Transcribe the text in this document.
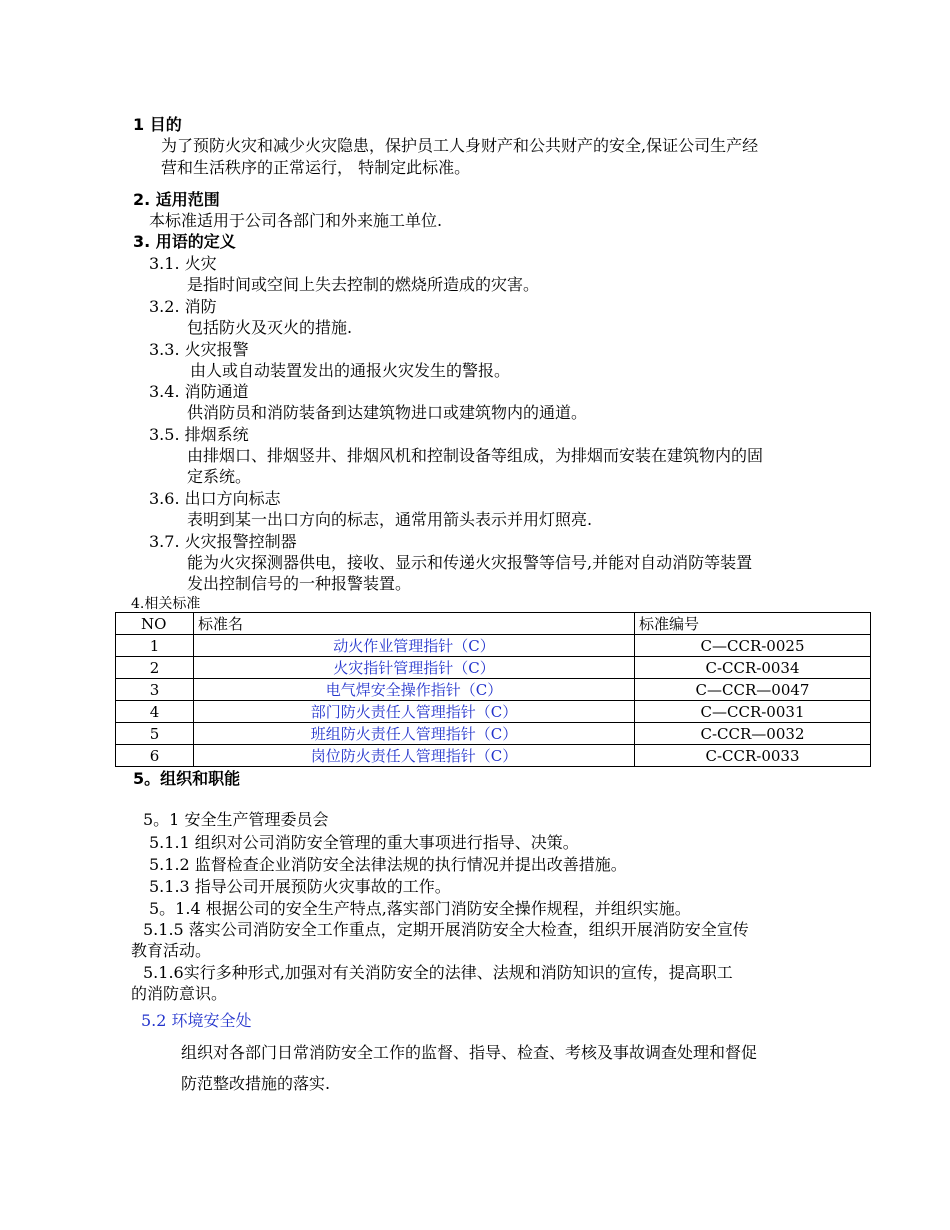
1 目的
为了预防火灾和减少火灾隐患，保护员工人身财产和公共财产的安全,保证公司生产经
营和生活秩序的正常运行， 特制定此标准。
2. 适用范围
本标准适用于公司各部门和外来施工单位.
3. 用语的定义
3.1. 火灾
是指时间或空间上失去控制的燃烧所造成的灾害。
3.2. 消防
包括防火及灭火的措施.
3.3. 火灾报警
由人或自动装置发出的通报火灾发生的警报。
3.4. 消防通道
供消防员和消防装备到达建筑物进口或建筑物内的通道。
3.5. 排烟系统
由排烟口、排烟竖井、排烟风机和控制设备等组成，为排烟而安装在建筑物内的固
定系统。
3.6. 出口方向标志
表明到某一出口方向的标志，通常用箭头表示并用灯照亮.
3.7. 火灾报警控制器
能为火灾探测器供电，接收、显示和传递火灾报警等信号,并能对自动消防等装置
发出控制信号的一种报警装置。
4.相关标准
NO	标准名	标准编号
1	动火作业管理指针（C）	C—CCR-0025
2	火灾指针管理指针（C）	C-CCR-0034
3	电气焊安全操作指针（C）	C—CCR—0047
4	部门防火责任人管理指针（C）	C—CCR-0031
5	班组防火责任人管理指针（C）	C-CCR—0032
6	岗位防火责任人管理指针（C）	C-CCR-0033
5。组织和职能
5。1 安全生产管理委员会
5.1.1 组织对公司消防安全管理的重大事项进行指导、决策。
5.1.2 监督检查企业消防安全法律法规的执行情况并提出改善措施。
5.1.3 指导公司开展预防火灾事故的工作。
5。1.4 根据公司的安全生产特点,落实部门消防安全操作规程，并组织实施。
5.1.5 落实公司消防安全工作重点，定期开展消防安全大检查，组织开展消防安全宣传
教育活动。
5.1.6实行多种形式,加强对有关消防安全的法律、法规和消防知识的宣传，提高职工
的消防意识。
5.2 环境安全处
组织对各部门日常消防安全工作的监督、指导、检查、考核及事故调查处理和督促
防范整改措施的落实.
